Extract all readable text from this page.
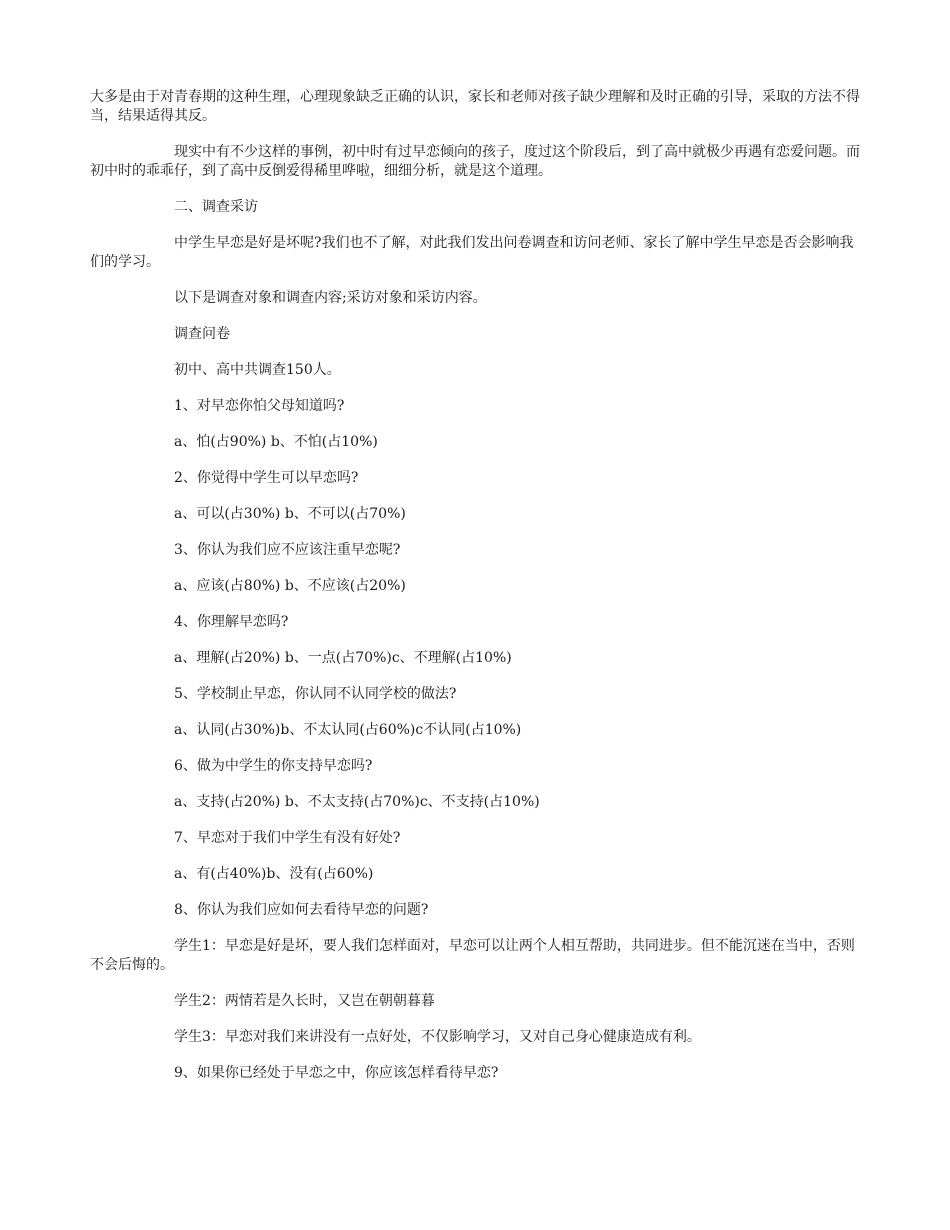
大多是由于对青春期的这种生理，心理现象缺乏正确的认识，家长和老师对孩子缺少理解和及时正确的引导，采取的方法不得当，结果适得其反。

现实中有不少这样的事例，初中时有过早恋倾向的孩子，度过这个阶段后，到了高中就极少再遇有恋爱问题。而初中时的乖乖仔，到了高中反倒爱得稀里哗啦，细细分析，就是这个道理。

二、调查采访

中学生早恋是好是坏呢?我们也不了解，对此我们发出问卷调查和访问老师、家长了解中学生早恋是否会影响我们的学习。

以下是调查对象和调查内容;采访对象和采访内容。

调查问卷

初中、高中共调查150人。

1、对早恋你怕父母知道吗?

a、怕(占90%) b、不怕(占10%)

2、你觉得中学生可以早恋吗?

a、可以(占30%) b、不可以(占70%)

3、你认为我们应不应该注重早恋呢?

a、应该(占80%) b、不应该(占20%)

4、你理解早恋吗?

a、理解(占20%) b、一点(占70%)c、不理解(占10%)

5、学校制止早恋，你认同不认同学校的做法?

a、认同(占30%)b、不太认同(占60%)c不认同(占10%)

6、做为中学生的你支持早恋吗?

a、支持(占20%) b、不太支持(占70%)c、不支持(占10%)

7、早恋对于我们中学生有没有好处?

a、有(占40%)b、没有(占60%)

8、你认为我们应如何去看待早恋的问题?

学生1：早恋是好是坏，要人我们怎样面对，早恋可以让两个人相互帮助，共同进步。但不能沉迷在当中，否则不会后悔的。

学生2：两情若是久长时，又岂在朝朝暮暮

学生3：早恋对我们来讲没有一点好处，不仅影响学习，又对自己身心健康造成有利。

9、如果你已经处于早恋之中，你应该怎样看待早恋?
